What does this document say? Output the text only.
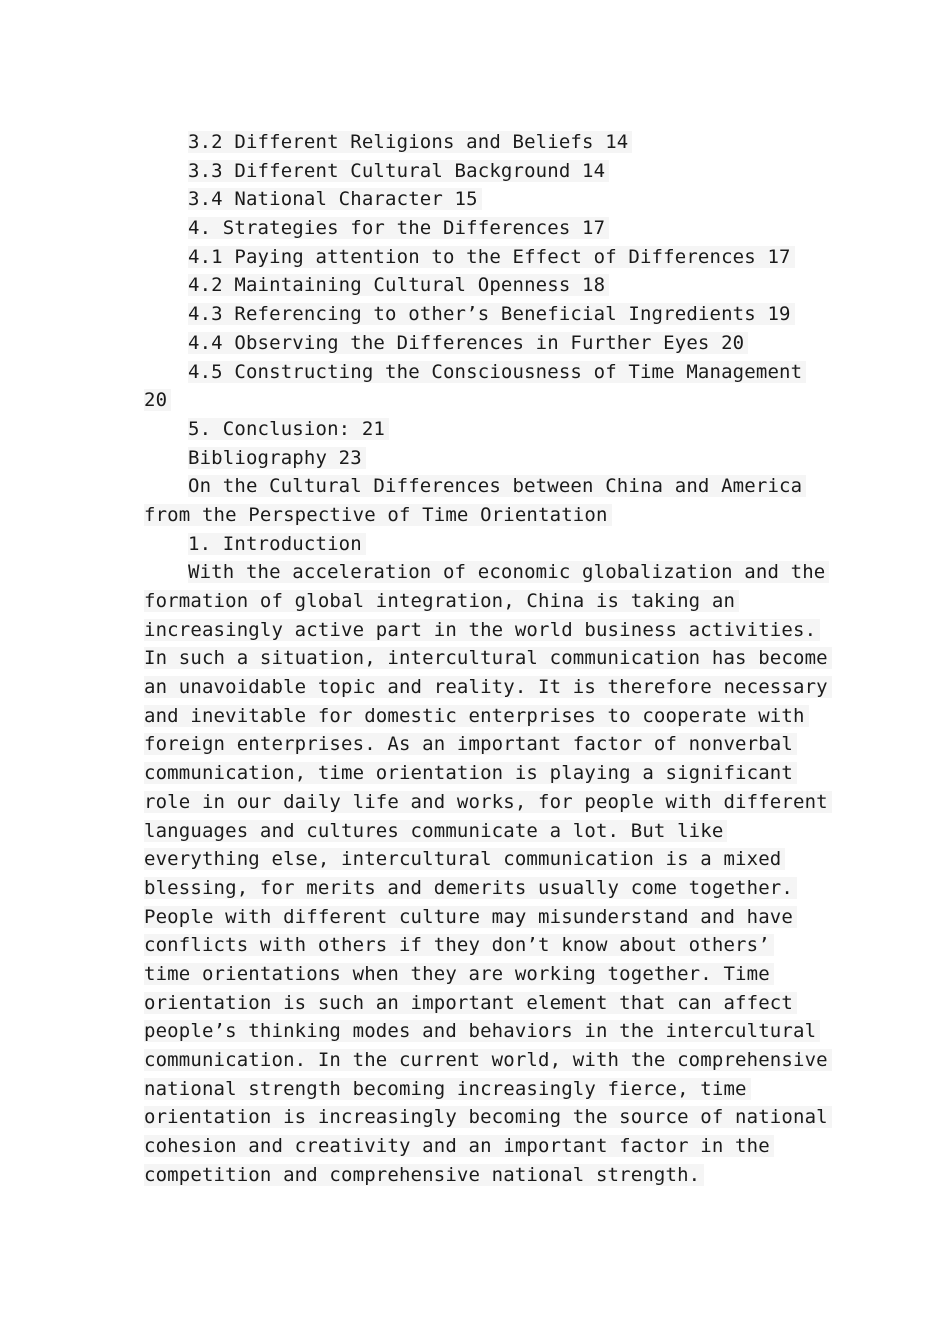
3.2 Different Religions and Beliefs 14
3.3 Different Cultural Background 14
3.4 National Character 15
4. Strategies for the Differences 17
4.1 Paying attention to the Effect of Differences 17
4.2 Maintaining Cultural Openness 18
4.3 Referencing to other’s Beneficial Ingredients 19
4.4 Observing the Differences in Further Eyes 20
4.5 Constructing the Consciousness of Time Management
20
5. Conclusion: 21
Bibliography 23
On the Cultural Differences between China and America
from the Perspective of Time Orientation
1. Introduction
With the acceleration of economic globalization and the
formation of global integration, China is taking an
increasingly active part in the world business activities.
In such a situation, intercultural communication has become
an unavoidable topic and reality. It is therefore necessary
and inevitable for domestic enterprises to cooperate with
foreign enterprises. As an important factor of nonverbal
communication, time orientation is playing a significant
role in our daily life and works, for people with different
languages and cultures communicate a lot. But like
everything else, intercultural communication is a mixed
blessing, for merits and demerits usually come together.
People with different culture may misunderstand and have
conflicts with others if they don’t know about others’
time orientations when they are working together. Time
orientation is such an important element that can affect
people’s thinking modes and behaviors in the intercultural
communication. In the current world, with the comprehensive
national strength becoming increasingly fierce, time
orientation is increasingly becoming the source of national
cohesion and creativity and an important factor in the
competition and comprehensive national strength.
